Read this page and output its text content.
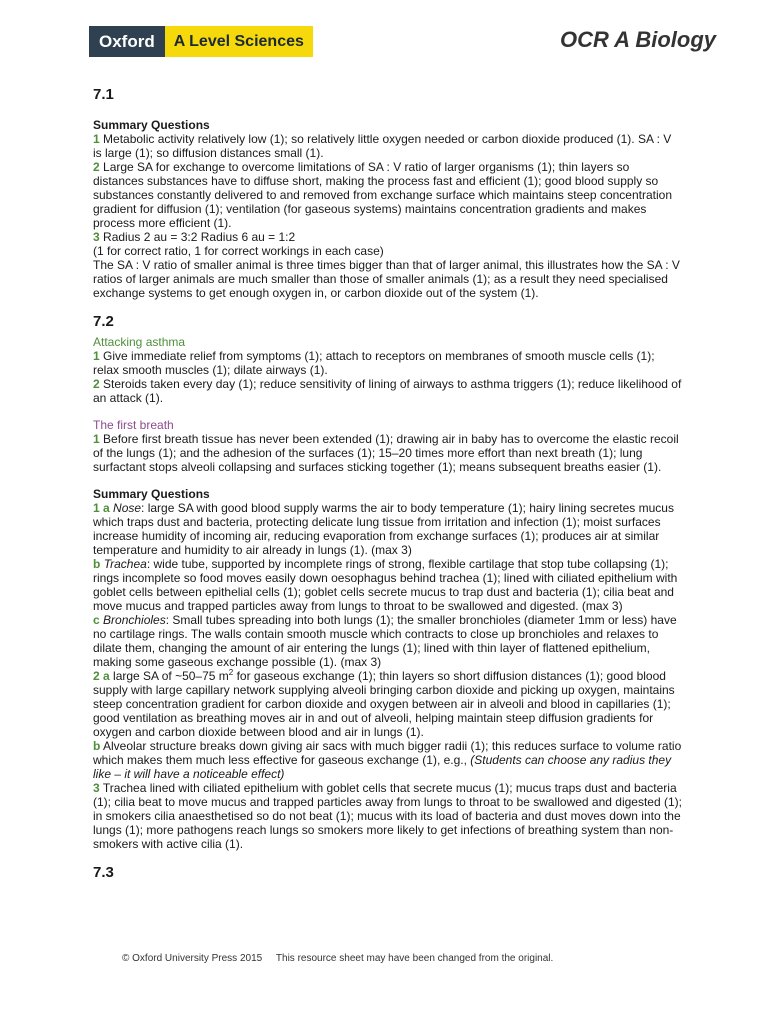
Oxford	A Level Sciences	OCR A Biology
7.1
Summary Questions

1 Metabolic activity relatively low (1); so relatively little oxygen needed or carbon dioxide produced (1). SA : V is large (1); so diffusion distances small (1).

2 Large SA for exchange to overcome limitations of SA : V ratio of larger organisms (1); thin layers so distances substances have to diffuse short, making the process fast and efficient (1); good blood supply so substances constantly delivered to and removed from exchange surface which maintains steep concentration gradient for diffusion (1); ventilation (for gaseous systems) maintains concentration gradients and makes process more efficient (1).

3 Radius 2 au = 3:2 Radius 6 au = 1:2

(1 for correct ratio, 1 for correct workings in each case)

The SA : V ratio of smaller animal is three times bigger than that of larger animal, this illustrates how the SA : V ratios of larger animals are much smaller than those of smaller animals (1); as a result they need specialised exchange systems to get enough oxygen in, or carbon dioxide out of the system (1).

7.2

Attacking asthma

1 Give immediate relief from symptoms (1); attach to receptors on membranes of smooth muscle cells (1); relax smooth muscles (1); dilate airways (1).

2 Steroids taken every day (1); reduce sensitivity of lining of airways to asthma triggers (1); reduce likelihood of an attack (1).

The first breath

1 Before first breath tissue has never been extended (1); drawing air in baby has to overcome the elastic recoil of the lungs (1); and the adhesion of the surfaces (1); 15–20 times more effort than next breath (1); lung surfactant stops alveoli collapsing and surfaces sticking together (1); means subsequent breaths easier (1).

Summary Questions

1 a Nose: large SA with good blood supply warms the air to body temperature (1); hairy lining secretes mucus which traps dust and bacteria, protecting delicate lung tissue from irritation and infection (1); moist surfaces increase humidity of incoming air, reducing evaporation from exchange surfaces (1); produces air at similar temperature and humidity to air already in lungs (1). (max 3)

b Trachea: wide tube, supported by incomplete rings of strong, flexible cartilage that stop tube collapsing (1); rings incomplete so food moves easily down oesophagus behind trachea (1); lined with ciliated epithelium with goblet cells between epithelial cells (1); goblet cells secrete mucus to trap dust and bacteria (1); cilia beat and move mucus and trapped particles away from lungs to throat to be swallowed and digested. (max 3)

c Bronchioles: Small tubes spreading into both lungs (1); the smaller bronchioles (diameter 1mm or less) have no cartilage rings. The walls contain smooth muscle which contracts to close up bronchioles and relaxes to dilate them, changing the amount of air entering the lungs (1); lined with thin layer of flattened epithelium, making some gaseous exchange possible (1). (max 3)

2 a large SA of ~50–75 $m^2$ for gaseous exchange (1); thin layers so short diffusion distances (1); good blood supply with large capillary network supplying alveoli bringing carbon dioxide and picking up oxygen, maintains steep concentration gradient for carbon dioxide and oxygen between air in alveoli and blood in capillaries (1); good ventilation as breathing moves air in and out of alveoli, helping maintain steep diffusion gradients for oxygen and carbon dioxide between blood and air in lungs (1).

b Alveolar structure breaks down giving air sacs with much bigger radii (1); this reduces surface to volume ratio which makes them much less effective for gaseous exchange (1), e.g., (Students can choose any radius they like – it will have a noticeable effect)

3 Trachea lined with ciliated epithelium with goblet cells that secrete mucus (1); mucus traps dust and bacteria (1); cilia beat to move mucus and trapped particles away from lungs to throat to be swallowed and digested (1); in smokers cilia anaesthetised so do not beat (1); mucus with its load of bacteria and dust moves down into the lungs (1); more pathogens reach lungs so smokers more likely to get infections of breathing system than non-smokers with active cilia (1).

7.3
© Oxford University Press 2015     This resource sheet may have been changed from the original.
